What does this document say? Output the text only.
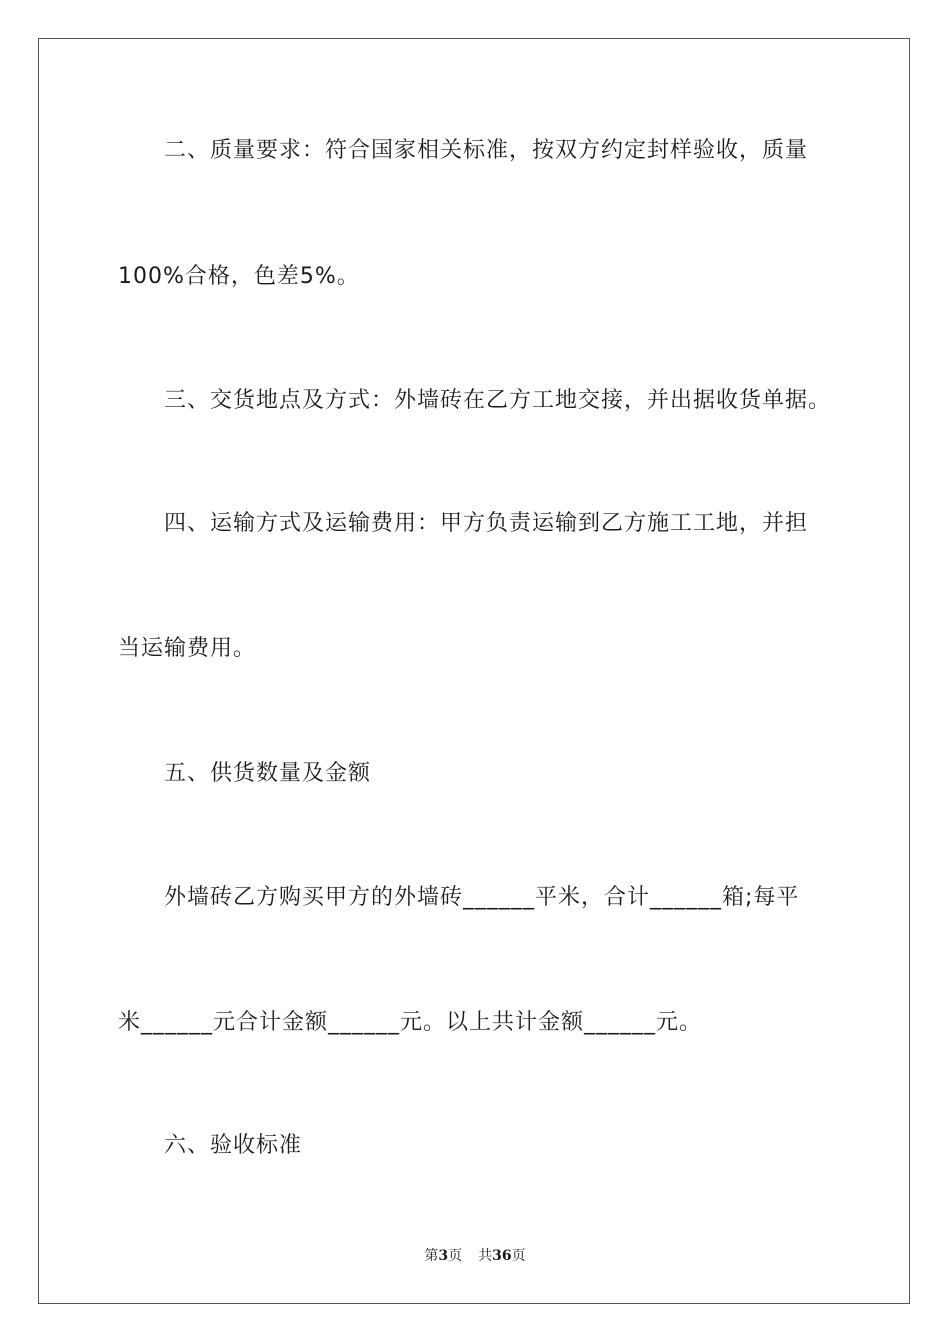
二、质量要求：符合国家相关标准，按双方约定封样验收，质量

100%合格，色差5%。

三、交货地点及方式：外墙砖在乙方工地交接，并出据收货单据。

四、运输方式及运输费用：甲方负责运输到乙方施工工地，并担

当运输费用。

五、供货数量及金额

外墙砖乙方购买甲方的外墙砖______平米，合计______箱;每平

米______元合计金额______元。以上共计金额______元。

六、验收标准

第3页 共36页
